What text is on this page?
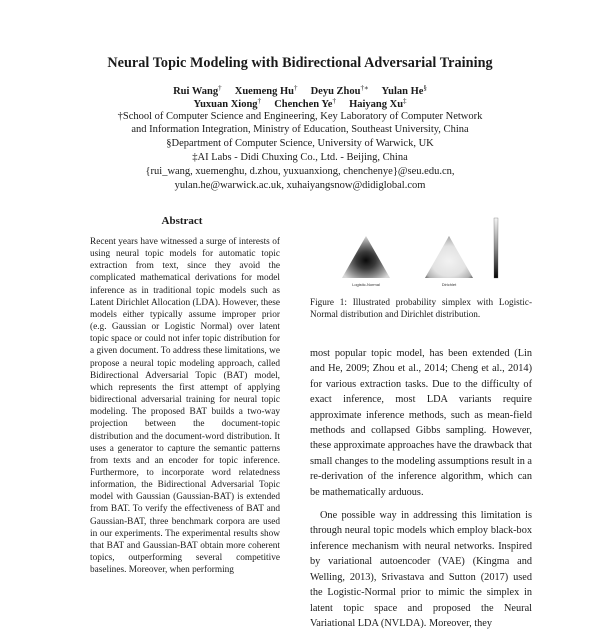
Neural Topic Modeling with Bidirectional Adversarial Training
Rui Wang† Xuemeng Hu† Deyu Zhou†∗ Yulan He§
Yuxuan Xiong† Chenchen Ye† Haiyang Xu‡
†School of Computer Science and Engineering, Key Laboratory of Computer Network
and Information Integration, Ministry of Education, Southeast University, China
§Department of Computer Science, University of Warwick, UK
‡AI Labs - Didi Chuxing Co., Ltd. - Beijing, China
{rui_wang, xuemenghu, d.zhou, yuxuanxiong, chenchenye}@seu.edu.cn,
yulan.he@warwick.ac.uk, xuhaiyangsnow@didiglobal.com
Abstract

Recent years have witnessed a surge of interests of using neural topic models for automatic topic extraction from text, since they avoid the complicated mathematical derivations for model inference as in traditional topic models such as Latent Dirichlet Allocation (LDA). However, these models either typically assume improper prior (e.g. Gaussian or Logistic Normal) over latent topic space or could not infer topic distribution for a given document. To address these limitations, we propose a neural topic modeling approach, called Bidirectional Adversarial Topic (BAT) model, which represents the first attempt of applying bidirectional adversarial training for neural topic modeling. The proposed BAT builds a two-way projection between the document-topic distribution and the document-word distribution. It uses a generator to capture the semantic patterns from texts and an encoder for topic inference. Furthermore, to incorporate word relatedness information, the Bidirectional Adversarial Topic model with Gaussian (Gaussian-BAT) is extended from BAT. To verify the effectiveness of BAT and Gaussian-BAT, three benchmark corpora are used in our experiments. The experimental results show that BAT and Gaussian-BAT obtain more coherent topics, outperforming several competitive baselines. Moreover, when performing

Logistic-Normal	Dirichlet
Figure 1: Illustrated probability simplex with Logistic-Normal distribution and Dirichlet distribution.

most popular topic model, has been extended (Lin and He, 2009; Zhou et al., 2014; Cheng et al., 2014) for various extraction tasks. Due to the difficulty of exact inference, most LDA variants require approximate inference methods, such as mean-field methods and collapsed Gibbs sampling. However, these approximate approaches have the drawback that small changes to the modeling assumptions result in a re-derivation of the inference algorithm, which can be mathematically arduous.

One possible way in addressing this limitation is through neural topic models which employ black-box inference mechanism with neural networks. Inspired by variational autoencoder (VAE) (Kingma and Welling, 2013), Srivastava and Sutton (2017) used the Logistic-Normal prior to mimic the simplex in latent topic space and proposed the Neural Variational LDA (NVLDA). Moreover, they
